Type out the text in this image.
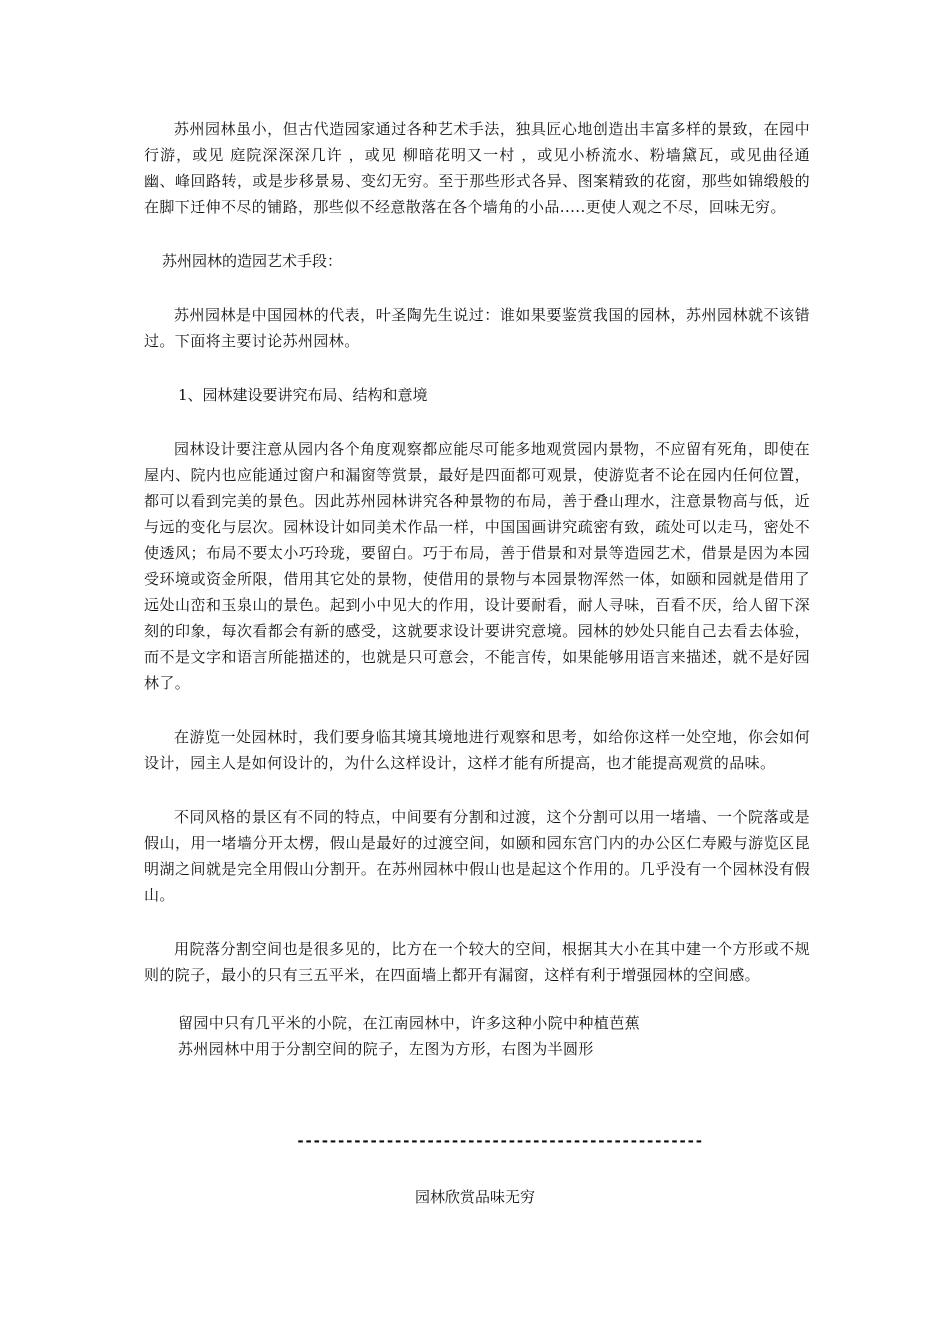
苏州园林虽小，但古代造园家通过各种艺术手法，独具匠心地创造出丰富多样的景致，在园中行游，或见 庭院深深深几许 ，或见 柳暗花明又一村 ，或见小桥流水、粉墙黛瓦，或见曲径通幽、峰回路转，或是步移景易、变幻无穷。至于那些形式各异、图案精致的花窗，那些如锦缎般的在脚下迁伸不尽的铺路，那些似不经意散落在各个墙角的小品.....更使人观之不尽，回味无穷。

苏州园林的造园艺术手段：

苏州园林是中国园林的代表，叶圣陶先生说过：谁如果要鉴赏我国的园林，苏州园林就不该错过。下面将主要讨论苏州园林。

1、园林建设要讲究布局、结构和意境

园林设计要注意从园内各个角度观察都应能尽可能多地观赏园内景物，不应留有死角，即使在屋内、院内也应能通过窗户和漏窗等赏景，最好是四面都可观景，使游览者不论在园内任何位置，都可以看到完美的景色。因此苏州园林讲究各种景物的布局，善于叠山理水，注意景物高与低，近与远的变化与层次。园林设计如同美术作品一样，中国国画讲究疏密有致，疏处可以走马，密处不使透风；布局不要太小巧玲珑，要留白。巧于布局，善于借景和对景等造园艺术，借景是因为本园受环境或资金所限，借用其它处的景物，使借用的景物与本园景物浑然一体，如颐和园就是借用了远处山峦和玉泉山的景色。起到小中见大的作用，设计要耐看，耐人寻味，百看不厌，给人留下深刻的印象，每次看都会有新的感受，这就要求设计要讲究意境。园林的妙处只能自己去看去体验，而不是文字和语言所能描述的，也就是只可意会，不能言传，如果能够用语言来描述，就不是好园林了。

在游览一处园林时，我们要身临其境其境地进行观察和思考，如给你这样一处空地，你会如何设计，园主人是如何设计的，为什么这样设计，这样才能有所提高，也才能提高观赏的品味。

不同风格的景区有不同的特点，中间要有分割和过渡，这个分割可以用一堵墙、一个院落或是假山，用一堵墙分开太楞，假山是最好的过渡空间，如颐和园东宫门内的办公区仁寿殿与游览区昆明湖之间就是完全用假山分割开。在苏州园林中假山也是起这个作用的。几乎没有一个园林没有假山。

用院落分割空间也是很多见的，比方在一个较大的空间，根据其大小在其中建一个方形或不规则的院子，最小的只有三五平米，在四面墙上都开有漏窗，这样有利于增强园林的空间感。

留园中只有几平米的小院，在江南园林中，许多这种小院中种植芭蕉

苏州园林中用于分割空间的院子，左图为方形，右图为半圆形

--------------------------------------------------
园林欣赏品味无穷
